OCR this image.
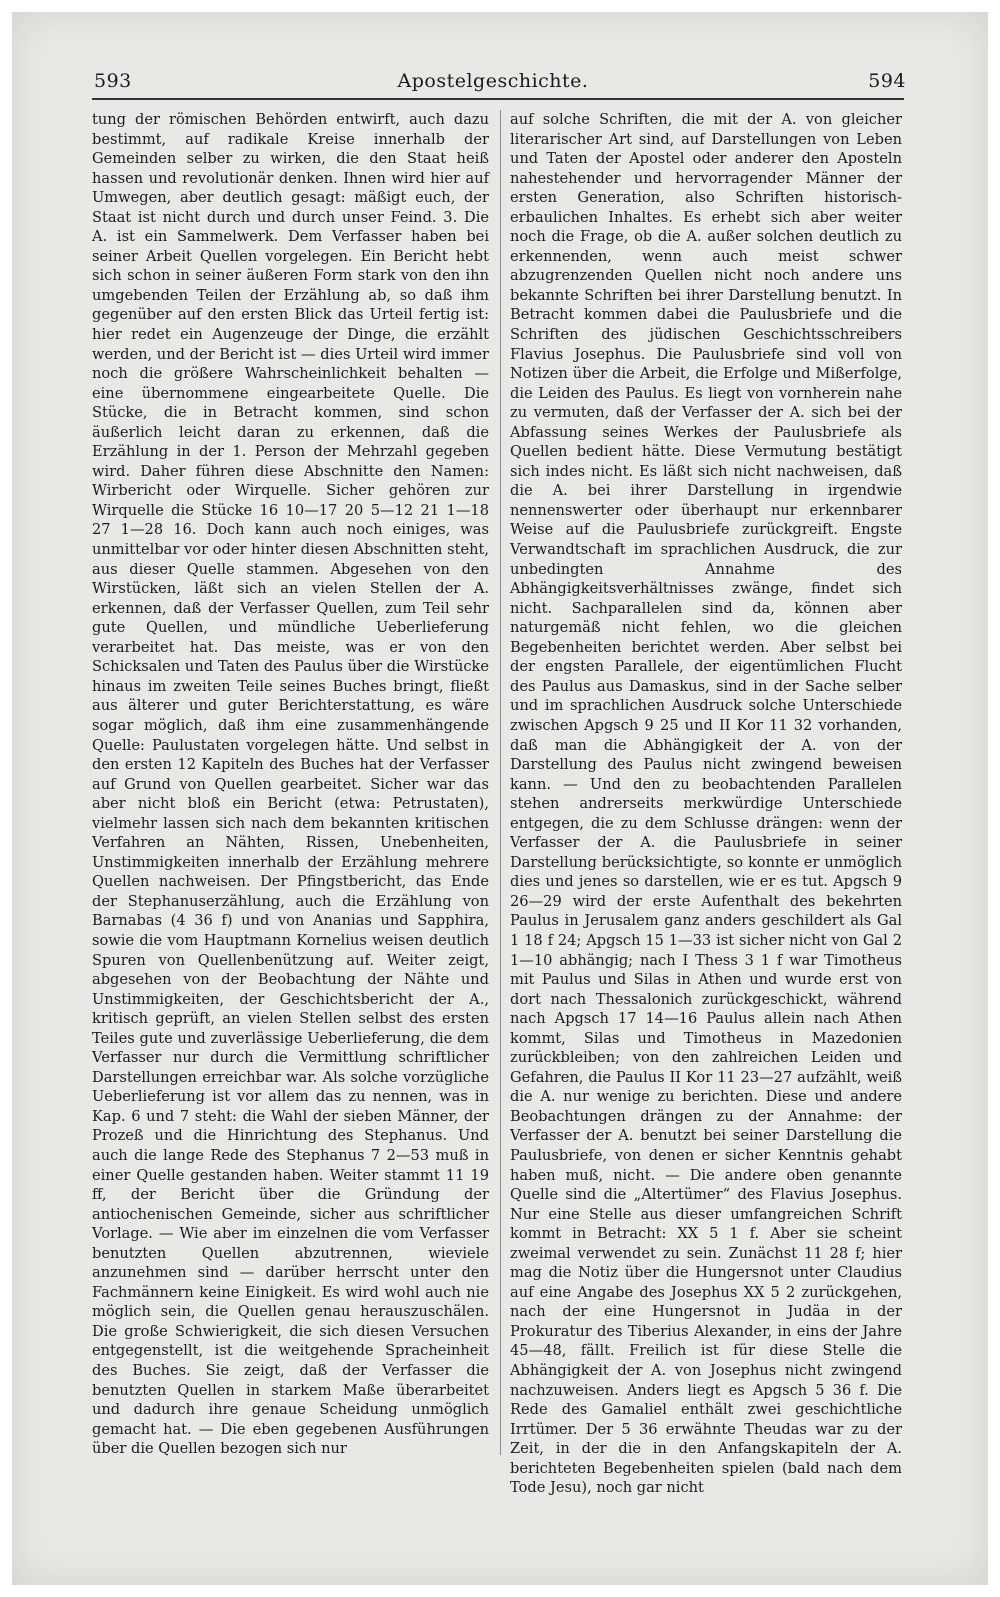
593	Apostelgeschichte.	594

tung der römischen Behörden entwirft, auch dazu bestimmt, auf radikale Kreise innerhalb der Gemeinden selber zu wirken, die den Staat heiß hassen und revolutionär denken. Ihnen wird hier auf Umwegen, aber deutlich gesagt: mäßigt euch, der Staat ist nicht durch und durch unser Feind. 3. Die A. ist ein Sammelwerk. Dem Verfasser haben bei seiner Arbeit Quellen vorgelegen. Ein Bericht hebt sich schon in seiner äußeren Form stark von den ihn umgebenden Teilen der Erzählung ab, so daß ihm gegenüber auf den ersten Blick das Urteil fertig ist: hier redet ein Augenzeuge der Dinge, die erzählt werden, und der Bericht ist — dies Urteil wird immer noch die größere Wahrscheinlichkeit behalten — eine übernommene eingearbeitete Quelle. Die Stücke, die in Betracht kommen, sind schon äußerlich leicht daran zu erkennen, daß die Erzählung in der 1. Person der Mehrzahl gegeben wird. Daher führen diese Abschnitte den Namen: Wirbericht oder Wirquelle. Sicher gehören zur Wirquelle die Stücke 16 10—17 20 5—12 21 1—18 27 1—28 16. Doch kann auch noch einiges, was unmittelbar vor oder hinter diesen Abschnitten steht, aus dieser Quelle stammen. Abgesehen von den Wirstücken, läßt sich an vielen Stellen der A. erkennen, daß der Verfasser Quellen, zum Teil sehr gute Quellen, und mündliche Ueberlieferung verarbeitet hat. Das meiste, was er von den Schicksalen und Taten des Paulus über die Wirstücke hinaus im zweiten Teile seines Buches bringt, fließt aus älterer und guter Berichterstattung, es wäre sogar möglich, daß ihm eine zusammenhängende Quelle: Paulustaten vorgelegen hätte. Und selbst in den ersten 12 Kapiteln des Buches hat der Verfasser auf Grund von Quellen gearbeitet. Sicher war das aber nicht bloß ein Bericht (etwa: Petrustaten), vielmehr lassen sich nach dem bekannten kritischen Verfahren an Nähten, Rissen, Unebenheiten, Unstimmigkeiten innerhalb der Erzählung mehrere Quellen nachweisen. Der Pfingstbericht, das Ende der Stephanuserzählung, auch die Erzählung von Barnabas (4 36 f) und von Ananias und Sapphira, sowie die vom Hauptmann Kornelius weisen deutlich Spuren von Quellenbenützung auf. Weiter zeigt, abgesehen von der Beobachtung der Nähte und Unstimmigkeiten, der Geschichtsbericht der A., kritisch geprüft, an vielen Stellen selbst des ersten Teiles gute und zuverlässige Ueberlieferung, die dem Verfasser nur durch die Vermittlung schriftlicher Darstellungen erreichbar war. Als solche vorzügliche Ueberlieferung ist vor allem das zu nennen, was in Kap. 6 und 7 steht: die Wahl der sieben Männer, der Prozeß und die Hinrichtung des Stephanus. Und auch die lange Rede des Stephanus 7 2—53 muß in einer Quelle gestanden haben. Weiter stammt 11 19 ff, der Bericht über die Gründung der antiochenischen Gemeinde, sicher aus schriftlicher Vorlage. — Wie aber im einzelnen die vom Verfasser benutzten Quellen abzutrennen, wieviele anzunehmen sind — darüber herrscht unter den Fachmännern keine Einigkeit. Es wird wohl auch nie möglich sein, die Quellen genau herauszuschälen. Die große Schwierigkeit, die sich diesen Versuchen entgegenstellt, ist die weitgehende Spracheinheit des Buches. Sie zeigt, daß der Verfasser die benutzten Quellen in starkem Maße überarbeitet und dadurch ihre genaue Scheidung unmöglich gemacht hat. — Die eben gegebenen Ausführungen über die Quellen bezogen sich nur

auf solche Schriften, die mit der A. von gleicher literarischer Art sind, auf Darstellungen von Leben und Taten der Apostel oder anderer den Aposteln nahestehender und hervorragender Männer der ersten Generation, also Schriften historisch-erbaulichen Inhaltes. Es erhebt sich aber weiter noch die Frage, ob die A. außer solchen deutlich zu erkennenden, wenn auch meist schwer abzugrenzenden Quellen nicht noch andere uns bekannte Schriften bei ihrer Darstellung benutzt. In Betracht kommen dabei die Paulusbriefe und die Schriften des jüdischen Geschichtsschreibers Flavius Josephus. Die Paulusbriefe sind voll von Notizen über die Arbeit, die Erfolge und Mißerfolge, die Leiden des Paulus. Es liegt von vornherein nahe zu vermuten, daß der Verfasser der A. sich bei der Abfassung seines Werkes der Paulusbriefe als Quellen bedient hätte. Diese Vermutung bestätigt sich indes nicht. Es läßt sich nicht nachweisen, daß die A. bei ihrer Darstellung in irgendwie nennenswerter oder überhaupt nur erkennbarer Weise auf die Paulusbriefe zurückgreift. Engste Verwandtschaft im sprachlichen Ausdruck, die zur unbedingten Annahme des Abhängigkeitsverhältnisses zwänge, findet sich nicht. Sachparallelen sind da, können aber naturgemäß nicht fehlen, wo die gleichen Begebenheiten berichtet werden. Aber selbst bei der engsten Parallele, der eigentümlichen Flucht des Paulus aus Damaskus, sind in der Sache selber und im sprachlichen Ausdruck solche Unterschiede zwischen Apgsch 9 25 und II Kor 11 32 vorhanden, daß man die Abhängigkeit der A. von der Darstellung des Paulus nicht zwingend beweisen kann. — Und den zu beobachtenden Parallelen stehen andrerseits merkwürdige Unterschiede entgegen, die zu dem Schlusse drängen: wenn der Verfasser der A. die Paulusbriefe in seiner Darstellung berücksichtigte, so konnte er unmöglich dies und jenes so darstellen, wie er es tut. Apgsch 9 26—29 wird der erste Aufenthalt des bekehrten Paulus in Jerusalem ganz anders geschildert als Gal 1 18 f 24; Apgsch 15 1—33 ist sicher nicht von Gal 2 1—10 abhängig; nach I Thess 3 1 f war Timotheus mit Paulus und Silas in Athen und wurde erst von dort nach Thessalonich zurückgeschickt, während nach Apgsch 17 14—16 Paulus allein nach Athen kommt, Silas und Timotheus in Mazedonien zurückbleiben; von den zahlreichen Leiden und Gefahren, die Paulus II Kor 11 23—27 aufzählt, weiß die A. nur wenige zu berichten. Diese und andere Beobachtungen drängen zu der Annahme: der Verfasser der A. benutzt bei seiner Darstellung die Paulusbriefe, von denen er sicher Kenntnis gehabt haben muß, nicht. — Die andere oben genannte Quelle sind die „Altertümer“ des Flavius Josephus. Nur eine Stelle aus dieser umfangreichen Schrift kommt in Betracht: XX 5 1 f. Aber sie scheint zweimal verwendet zu sein. Zunächst 11 28 f; hier mag die Notiz über die Hungersnot unter Claudius auf eine Angabe des Josephus XX 5 2 zurückgehen, nach der eine Hungersnot in Judäa in der Prokuratur des Tiberius Alexander, in eins der Jahre 45—48, fällt. Freilich ist für diese Stelle die Abhängigkeit der A. von Josephus nicht zwingend nachzuweisen. Anders liegt es Apgsch 5 36 f. Die Rede des Gamaliel enthält zwei geschichtliche Irrtümer. Der 5 36 erwähnte Theudas war zu der Zeit, in der die in den Anfangskapiteln der A. berichteten Begebenheiten spielen (bald nach dem Tode Jesu), noch gar nicht
